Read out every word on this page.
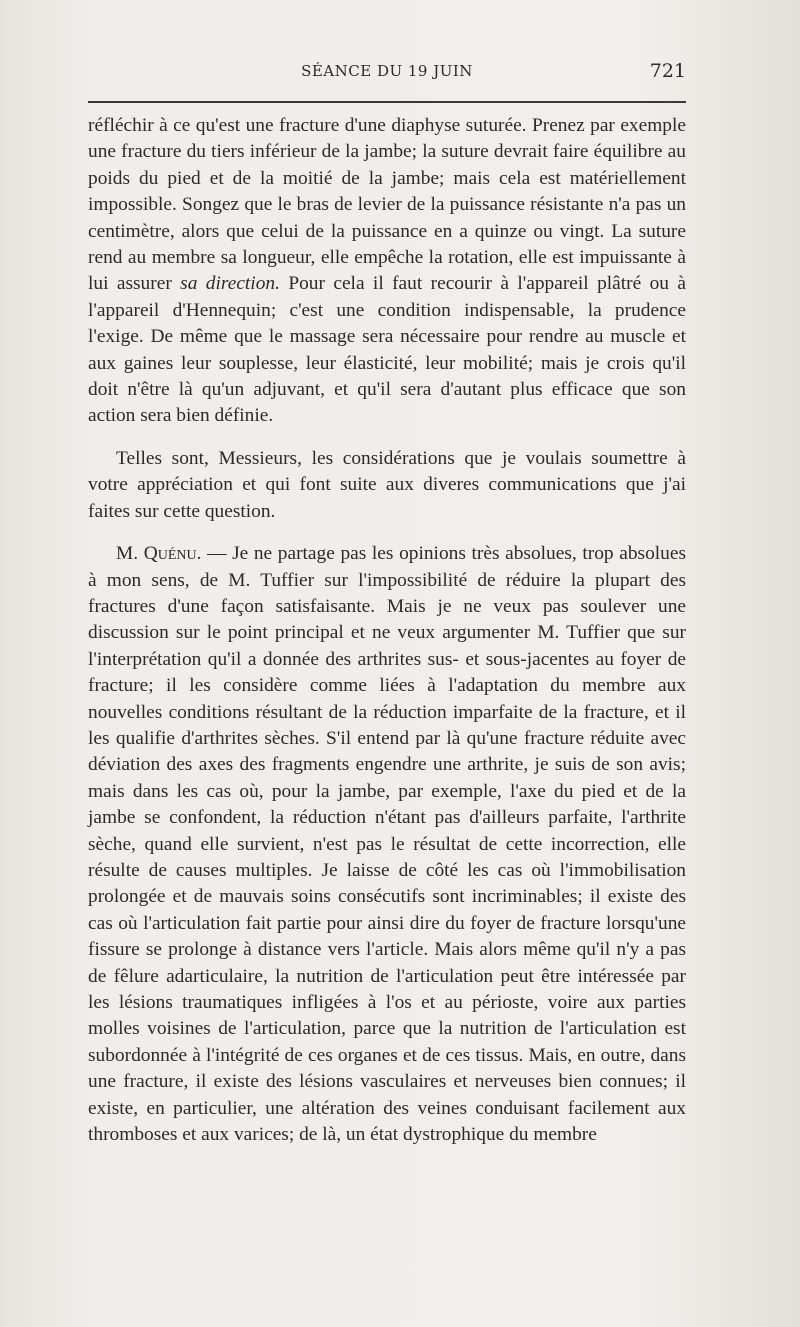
SÉANCE DU 19 JUIN	721

réfléchir à ce qu'est une fracture d'une diaphyse suturée. Prenez par exemple une fracture du tiers inférieur de la jambe; la suture devrait faire équilibre au poids du pied et de la moitié de la jambe; mais cela est matériellement impossible. Songez que le bras de levier de la puissance résistante n'a pas un centimètre, alors que celui de la puissance en a quinze ou vingt. La suture rend au membre sa longueur, elle empêche la rotation, elle est impuissante à lui assurer sa direction. Pour cela il faut recourir à l'appareil plâtré ou à l'appareil d'Hennequin; c'est une condition indispensable, la prudence l'exige. De même que le massage sera nécessaire pour rendre au muscle et aux gaines leur souplesse, leur élasticité, leur mobilité; mais je crois qu'il doit n'être là qu'un adjuvant, et qu'il sera d'autant plus efficace que son action sera bien définie.

Telles sont, Messieurs, les considérations que je voulais soumettre à votre appréciation et qui font suite aux diveres communications que j'ai faites sur cette question.

M. Quénu. — Je ne partage pas les opinions très absolues, trop absolues à mon sens, de M. Tuffier sur l'impossibilité de réduire la plupart des fractures d'une façon satisfaisante. Mais je ne veux pas soulever une discussion sur le point principal et ne veux argumenter M. Tuffier que sur l'interprétation qu'il a donnée des arthrites sus- et sous-jacentes au foyer de fracture; il les considère comme liées à l'adaptation du membre aux nouvelles conditions résultant de la réduction imparfaite de la fracture, et il les qualifie d'arthrites sèches. S'il entend par là qu'une fracture réduite avec déviation des axes des fragments engendre une arthrite, je suis de son avis; mais dans les cas où, pour la jambe, par exemple, l'axe du pied et de la jambe se confondent, la réduction n'étant pas d'ailleurs parfaite, l'arthrite sèche, quand elle survient, n'est pas le résultat de cette incorrection, elle résulte de causes multiples. Je laisse de côté les cas où l'immobilisation prolongée et de mauvais soins consécutifs sont incriminables; il existe des cas où l'articulation fait partie pour ainsi dire du foyer de fracture lorsqu'une fissure se prolonge à distance vers l'article. Mais alors même qu'il n'y a pas de fêlure adarticulaire, la nutrition de l'articulation peut être intéressée par les lésions traumatiques infligées à l'os et au périoste, voire aux parties molles voisines de l'articulation, parce que la nutrition de l'articulation est subordonnée à l'intégrité de ces organes et de ces tissus. Mais, en outre, dans une fracture, il existe des lésions vasculaires et nerveuses bien connues; il existe, en particulier, une altération des veines conduisant facilement aux thromboses et aux varices; de là, un état dystrophique du membre
